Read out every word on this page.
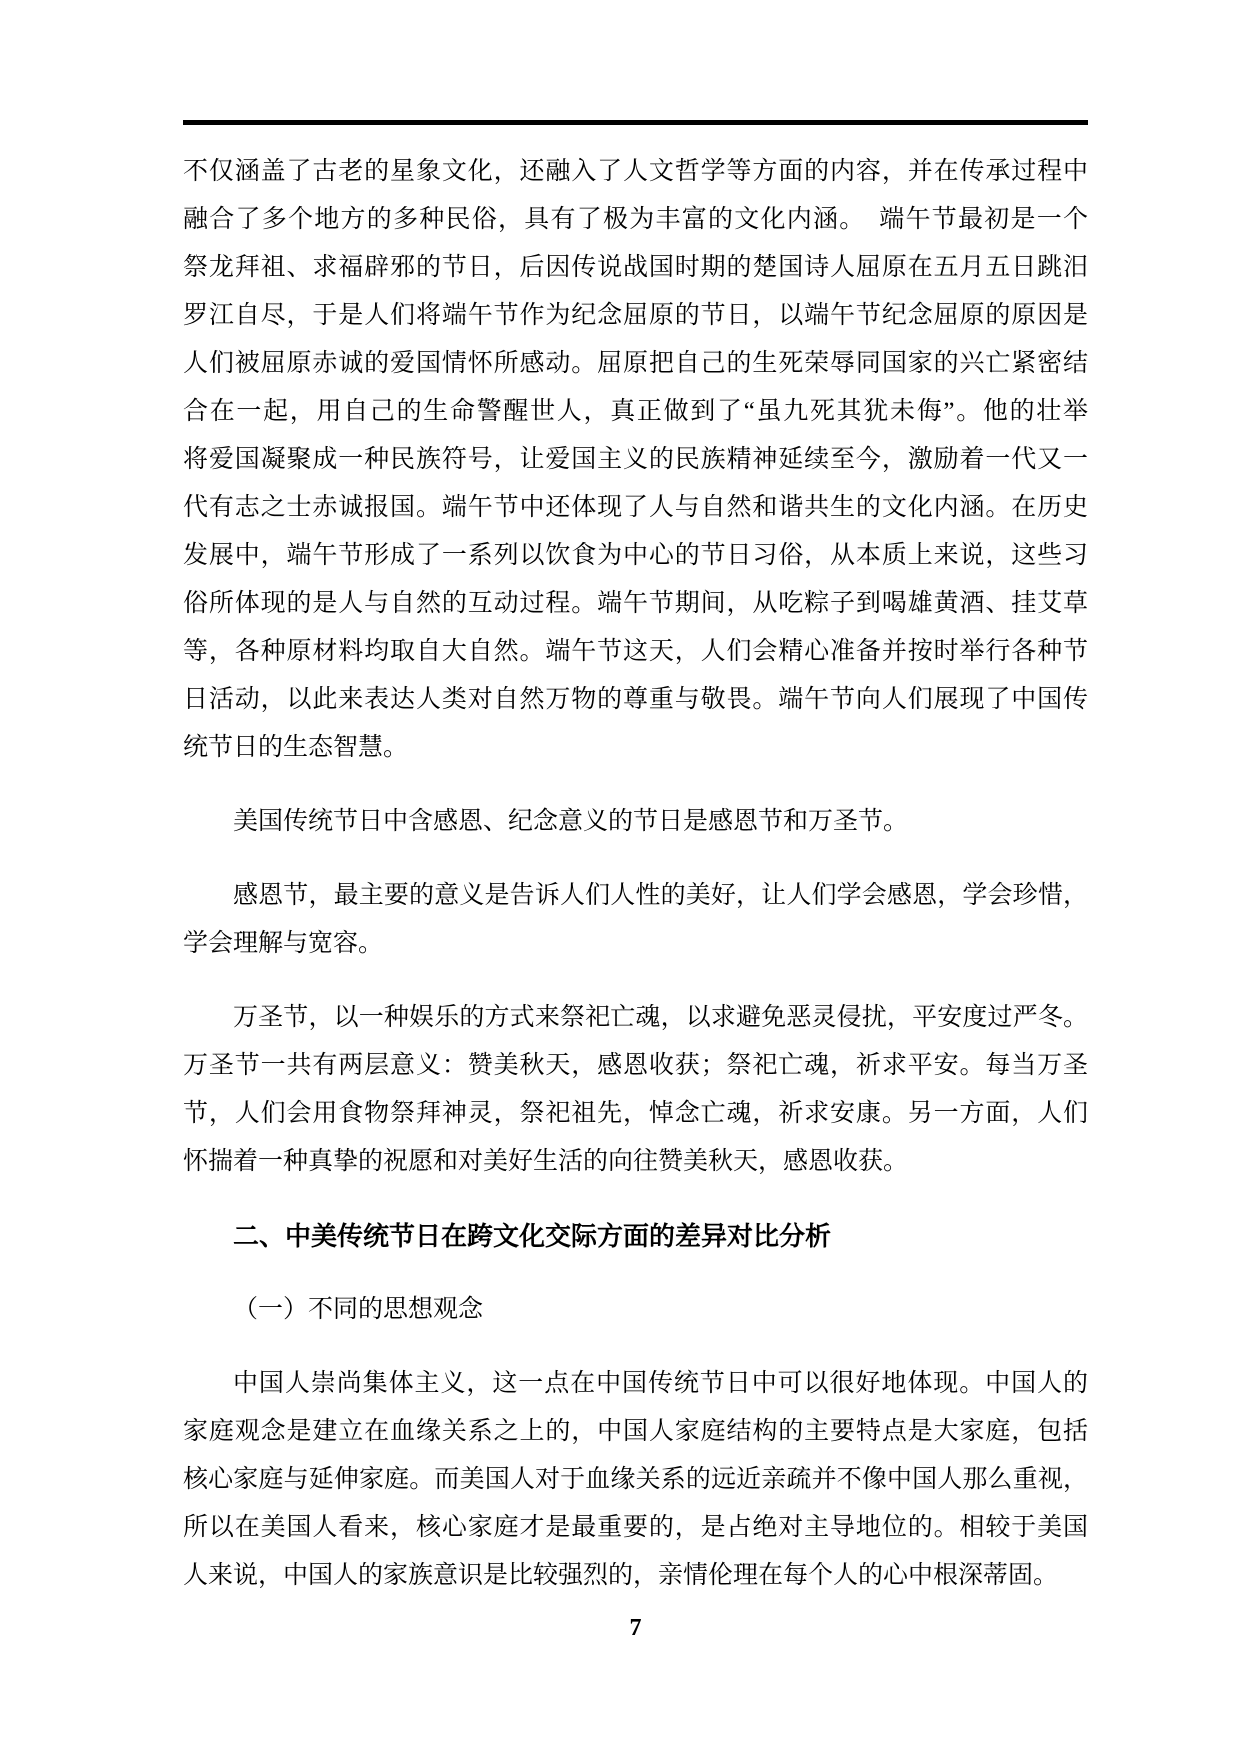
不仅涵盖了古老的星象文化，还融入了人文哲学等方面的内容，并在传承过程中
融合了多个地方的多种民俗，具有了极为丰富的文化内涵。　端午节最初是一个
祭龙拜祖、求福辟邪的节日，后因传说战国时期的楚国诗人屈原在五月五日跳汨
罗江自尽，于是人们将端午节作为纪念屈原的节日，以端午节纪念屈原的原因是
人们被屈原赤诚的爱国情怀所感动。屈原把自己的生死荣辱同国家的兴亡紧密结
合在一起，用自己的生命警醒世人，真正做到了“虽九死其犹未侮”。他的壮举
将爱国凝聚成一种民族符号，让爱国主义的民族精神延续至今，激励着一代又一
代有志之士赤诚报国。端午节中还体现了人与自然和谐共生的文化内涵。在历史
发展中，端午节形成了一系列以饮食为中心的节日习俗，从本质上来说，这些习
俗所体现的是人与自然的互动过程。端午节期间，从吃粽子到喝雄黄酒、挂艾草
等，各种原材料均取自大自然。端午节这天，人们会精心准备并按时举行各种节
日活动，以此来表达人类对自然万物的尊重与敬畏。端午节向人们展现了中国传
统节日的生态智慧。
美国传统节日中含感恩、纪念意义的节日是感恩节和万圣节。
感恩节，最主要的意义是告诉人们人性的美好，让人们学会感恩，学会珍惜，
学会理解与宽容。
万圣节，以一种娱乐的方式来祭祀亡魂，以求避免恶灵侵扰，平安度过严冬。
万圣节一共有两层意义：赞美秋天，感恩收获；祭祀亡魂，祈求平安。每当万圣
节，人们会用食物祭拜神灵，祭祀祖先，悼念亡魂，祈求安康。另一方面，人们
怀揣着一种真挚的祝愿和对美好生活的向往赞美秋天，感恩收获。
二、中美传统节日在跨文化交际方面的差异对比分析
（一）不同的思想观念
中国人崇尚集体主义，这一点在中国传统节日中可以很好地体现。中国人的
家庭观念是建立在血缘关系之上的，中国人家庭结构的主要特点是大家庭，包括
核心家庭与延伸家庭。而美国人对于血缘关系的远近亲疏并不像中国人那么重视，
所以在美国人看来，核心家庭才是最重要的，是占绝对主导地位的。相较于美国
人来说，中国人的家族意识是比较强烈的，亲情伦理在每个人的心中根深蒂固。
7
